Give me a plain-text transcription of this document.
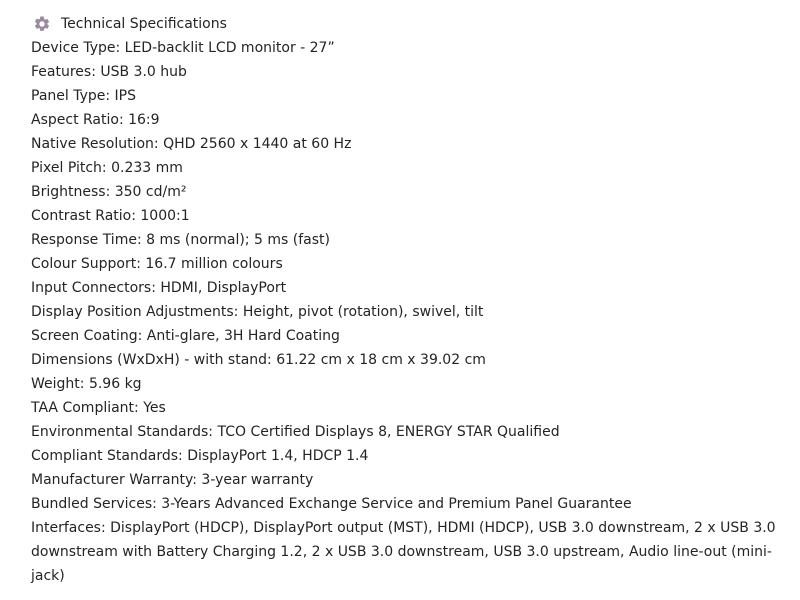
Technical Specifications
Device Type: LED-backlit LCD monitor - 27”
Features: USB 3.0 hub
Panel Type: IPS
Aspect Ratio: 16:9
Native Resolution: QHD 2560 x 1440 at 60 Hz
Pixel Pitch: 0.233 mm
Brightness: 350 cd/m²
Contrast Ratio: 1000:1
Response Time: 8 ms (normal); 5 ms (fast)
Colour Support: 16.7 million colours
Input Connectors: HDMI, DisplayPort
Display Position Adjustments: Height, pivot (rotation), swivel, tilt
Screen Coating: Anti-glare, 3H Hard Coating
Dimensions (WxDxH) - with stand: 61.22 cm x 18 cm x 39.02 cm
Weight: 5.96 kg
TAA Compliant: Yes
Environmental Standards: TCO Certified Displays 8, ENERGY STAR Qualified
Compliant Standards: DisplayPort 1.4, HDCP 1.4
Manufacturer Warranty: 3-year warranty
Bundled Services: 3-Years Advanced Exchange Service and Premium Panel Guarantee
Interfaces: DisplayPort (HDCP), DisplayPort output (MST), HDMI (HDCP), USB 3.0 downstream, 2 x USB 3.0 downstream with Battery Charging 1.2, 2 x USB 3.0 downstream, USB 3.0 upstream, Audio line-out (mini-jack)
